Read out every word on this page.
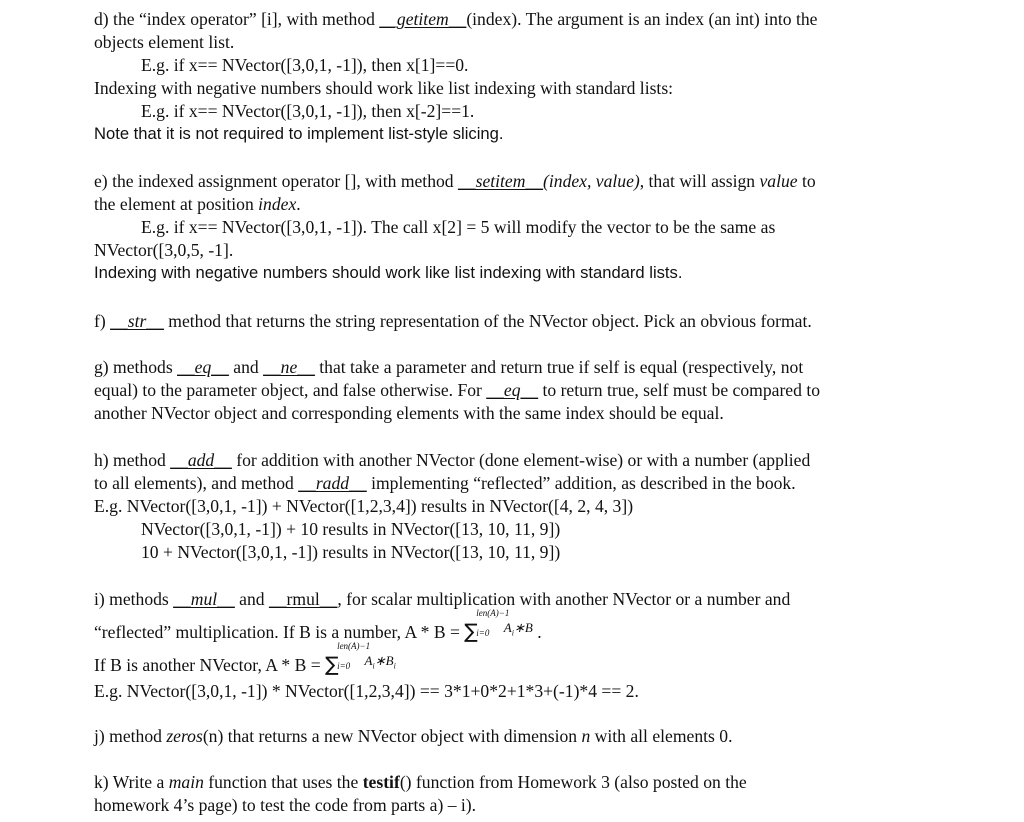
d) the “index operator” [i], with method __getitem__(index). The argument is an index (an int) into the
objects element list.
E.g. if x== NVector([3,0,1, -1]), then x[1]==0.
Indexing with negative numbers should work like list indexing with standard lists:
E.g. if x== NVector([3,0,1, -1]), then x[-2]==1.
Note that it is not required to implement list-style slicing.
e) the indexed assignment operator [], with method __setitem__(index, value), that will assign value to
the element at position index.
E.g. if x== NVector([3,0,1, -1]). The call x[2] = 5 will modify the vector to be the same as
NVector([3,0,5, -1].
Indexing with negative numbers should work like list indexing with standard lists.
f) __str__ method that returns the string representation of the NVector object. Pick an obvious format.
g) methods __eq__ and __ne__ that take a parameter and return true if self is equal (respectively, not
equal) to the parameter object, and false otherwise. For __eq__ to return true, self must be compared to
another NVector object and corresponding elements with the same index should be equal.
h) method __add__ for addition with another NVector (done element-wise) or with a number (applied
to all elements), and method __radd__ implementing “reflected” addition, as described in the book.
E.g. NVector([3,0,1, -1]) + NVector([1,2,3,4]) results in NVector([4, 2, 4, 3])
NVector([3,0,1, -1]) + 10 results in NVector([13, 10, 11, 9])
10 + NVector([3,0,1, -1]) results in NVector([13, 10, 11, 9])
i) methods __mul__ and __rmul__, for scalar multiplication with another NVector or a number and
“reflected” multiplication. If B is a number, A * B = ∑
len(A)−1
i=0 $^{A_i∗B}$ .
If B is another NVector, A * B = ∑
len(A)−1
i=0 $^{A_i∗B_i}$
E.g. NVector([3,0,1, -1]) * NVector([1,2,3,4]) == 3*1+0*2+1*3+(-1)*4 == 2.
j) method zeros(n) that returns a new NVector object with dimension n with all elements 0.
k) Write a main function that uses the testif() function from Homework 3 (also posted on the
homework 4’s page) to test the code from parts a) – i).
